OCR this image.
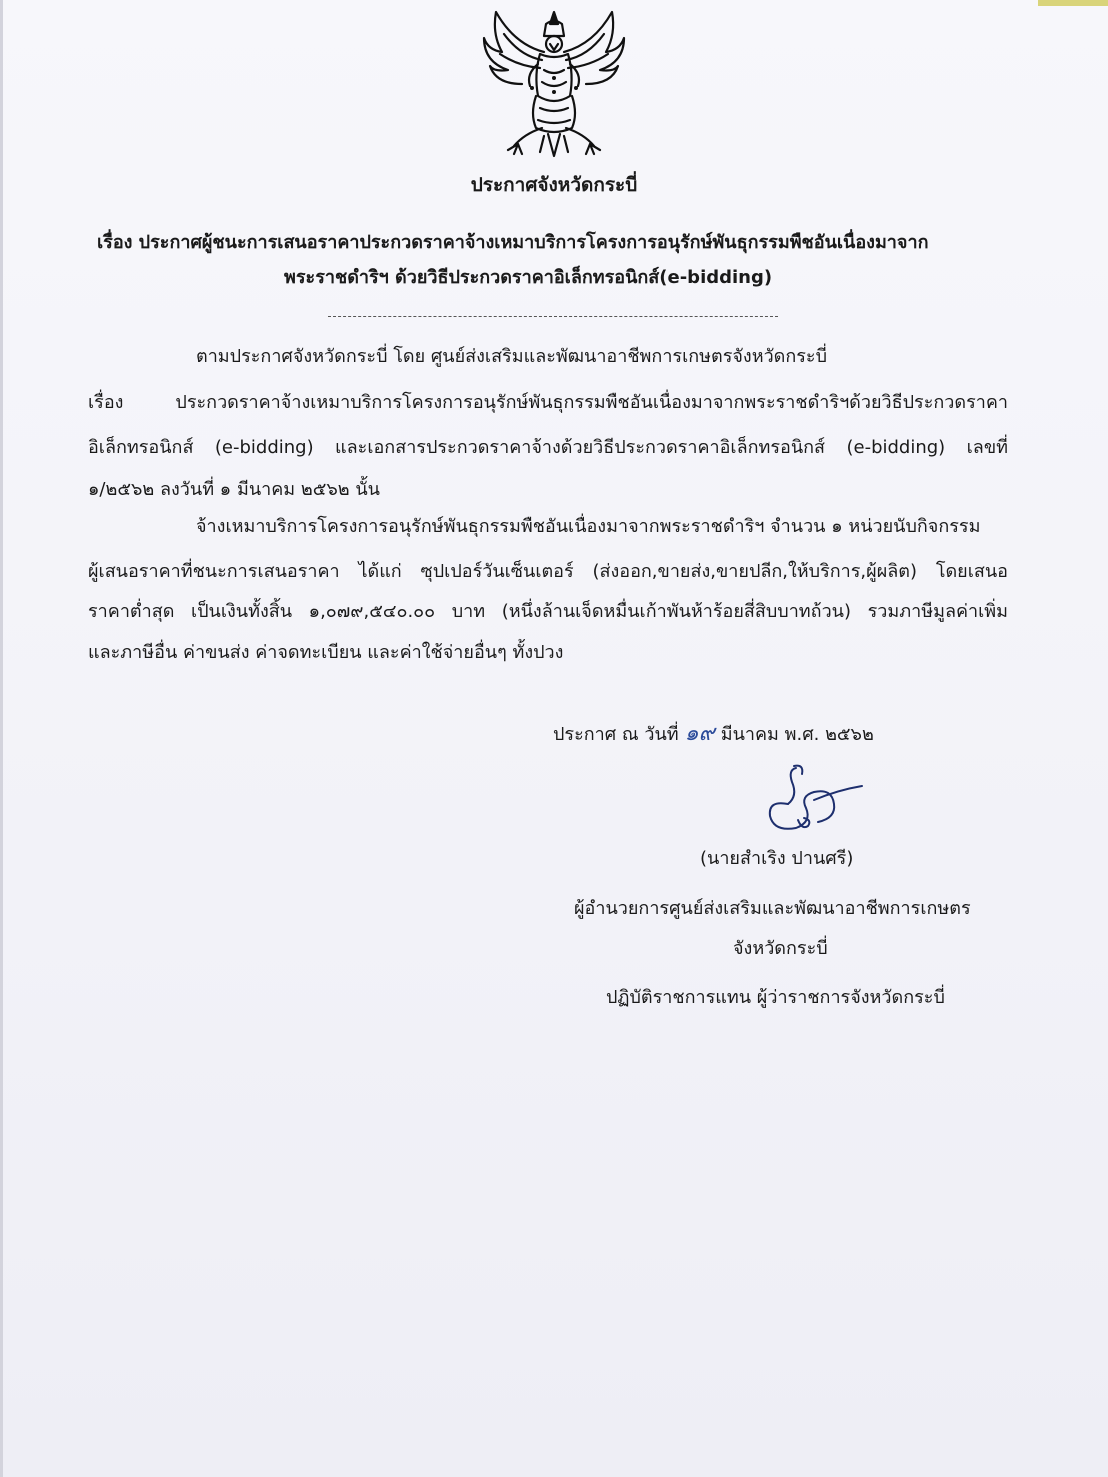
ประกาศจังหวัดกระบี่
เรื่อง ประกาศผู้ชนะการเสนอราคาประกวดราคาจ้างเหมาบริการโครงการอนุรักษ์พันธุกรรมพืชอันเนื่องมาจาก
พระราชดำริฯ ด้วยวิธีประกวดราคาอิเล็กทรอนิกส์(e-bidding)
ตามประกาศจังหวัดกระบี่ โดย ศูนย์ส่งเสริมและพัฒนาอาชีพการเกษตรจังหวัดกระบี่
เรื่อง ประกวดราคาจ้างเหมาบริการโครงการอนุรักษ์พันธุกรรมพืชอันเนื่องมาจากพระราชดำริฯด้วยวิธีประกวดราคา
อิเล็กทรอนิกส์ (e-bidding) และเอกสารประกวดราคาจ้างด้วยวิธีประกวดราคาอิเล็กทรอนิกส์ (e-bidding) เลขที่
๑/๒๕๖๒ ลงวันที่ ๑ มีนาคม ๒๕๖๒ นั้น
จ้างเหมาบริการโครงการอนุรักษ์พันธุกรรมพืชอันเนื่องมาจากพระราชดำริฯ จำนวน ๑ หน่วยนับกิจกรรม
ผู้เสนอราคาที่ชนะการเสนอราคา ได้แก่ ซุปเปอร์วันเซ็นเตอร์ (ส่งออก,ขายส่ง,ขายปลีก,ให้บริการ,ผู้ผลิต) โดยเสนอ
ราคาต่ำสุด เป็นเงินทั้งสิ้น ๑,๐๗๙,๕๔๐.๐๐ บาท (หนึ่งล้านเจ็ดหมื่นเก้าพันห้าร้อยสี่สิบบาทถ้วน) รวมภาษีมูลค่าเพิ่ม
และภาษีอื่น ค่าขนส่ง ค่าจดทะเบียน และค่าใช้จ่ายอื่นๆ ทั้งปวง
ประกาศ ณ วันที่ ๑๙ มีนาคม พ.ศ. ๒๕๖๒
(นายสำเริง ปานศรี)
ผู้อำนวยการศูนย์ส่งเสริมและพัฒนาอาชีพการเกษตร
จังหวัดกระบี่
ปฏิบัติราชการแทน ผู้ว่าราชการจังหวัดกระบี่
